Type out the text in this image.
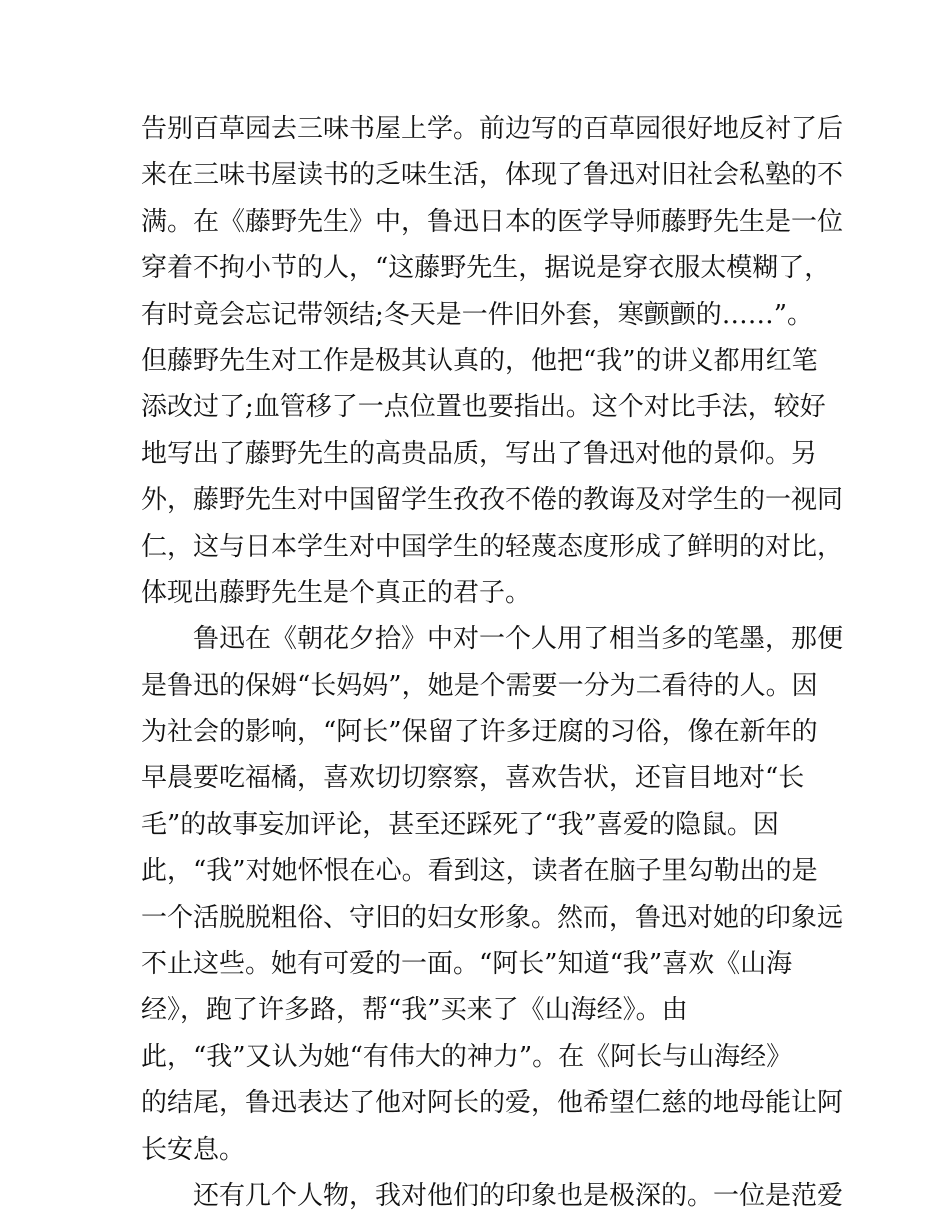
告别百草园去三味书屋上学。前边写的百草园很好地反衬了后
来在三味书屋读书的乏味生活，体现了鲁迅对旧社会私塾的不
满。在《藤野先生》中，鲁迅日本的医学导师藤野先生是一位
穿着不拘小节的人，“这藤野先生，据说是穿衣服太模糊了，
有时竟会忘记带领结;冬天是一件旧外套，寒颤颤的……”。
但藤野先生对工作是极其认真的，他把“我”的讲义都用红笔
添改过了;血管移了一点位置也要指出。这个对比手法，较好
地写出了藤野先生的高贵品质，写出了鲁迅对他的景仰。另
外，藤野先生对中国留学生孜孜不倦的教诲及对学生的一视同
仁，这与日本学生对中国学生的轻蔑态度形成了鲜明的对比，
体现出藤野先生是个真正的君子。
鲁迅在《朝花夕拾》中对一个人用了相当多的笔墨，那便
是鲁迅的保姆“长妈妈”，她是个需要一分为二看待的人。因
为社会的影响，“阿长”保留了许多迂腐的习俗，像在新年的
早晨要吃福橘，喜欢切切察察，喜欢告状，还盲目地对“长
毛”的故事妄加评论，甚至还踩死了“我”喜爱的隐鼠。因
此，“我”对她怀恨在心。看到这，读者在脑子里勾勒出的是
一个活脱脱粗俗、守旧的妇女形象。然而，鲁迅对她的印象远
不止这些。她有可爱的一面。“阿长”知道“我”喜欢《山海
经》，跑了许多路，帮“我”买来了《山海经》。由
此，“我”又认为她“有伟大的神力”。在《阿长与山海经》
的结尾，鲁迅表达了他对阿长的爱，他希望仁慈的地母能让阿
长安息。
还有几个人物，我对他们的印象也是极深的。一位是范爱
